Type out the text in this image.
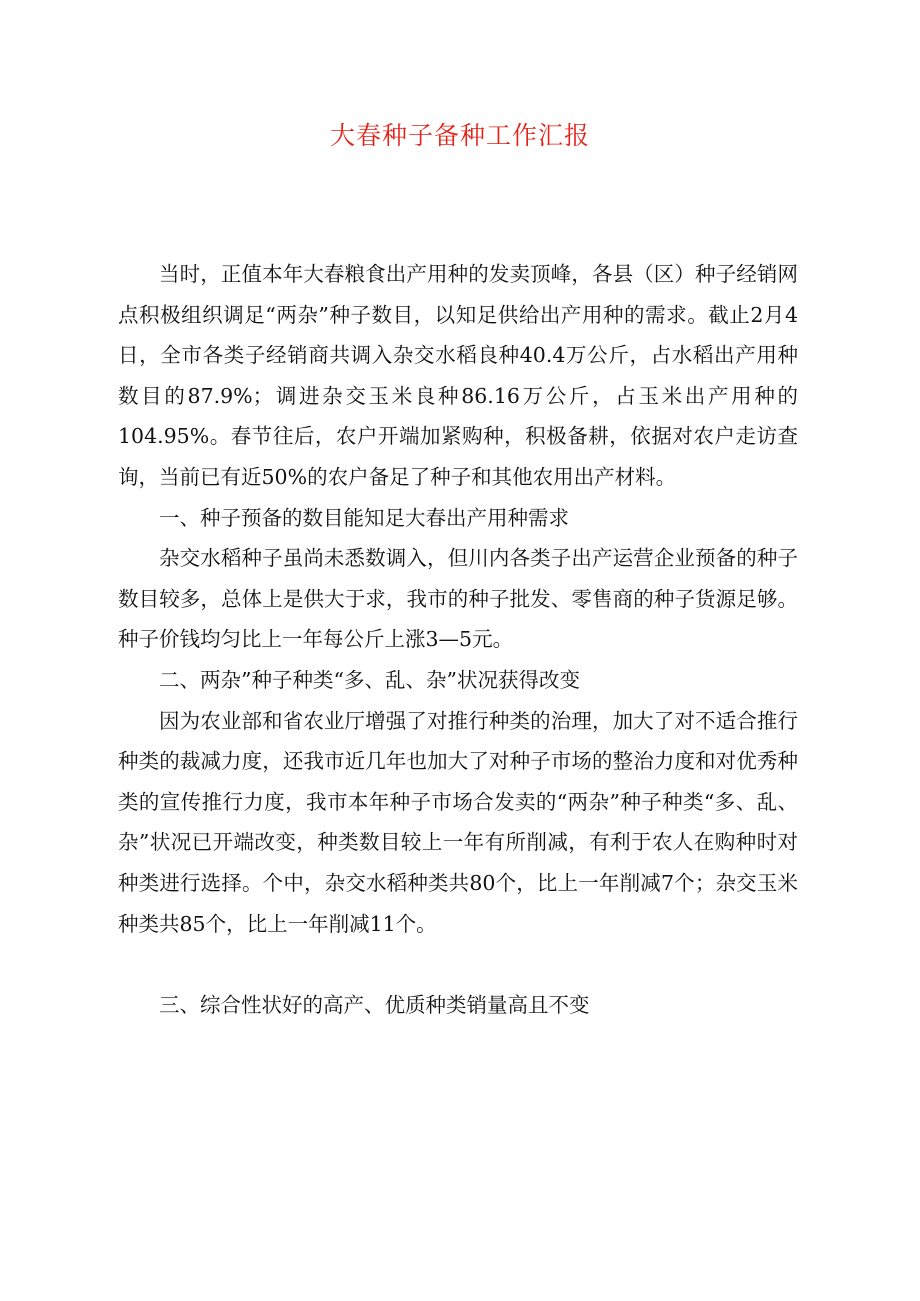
大春种子备种工作汇报

当时，正值本年大春粮食出产用种的发卖顶峰，各县（区）种子经销网点积极组织调足“两杂”种子数目，以知足供给出产用种的需求。截止2月4日，全市各类子经销商共调入杂交水稻良种40.4万公斤，占水稻出产用种数目的87.9%；调进杂交玉米良种86.16万公斤，占玉米出产用种的104.95%。春节往后，农户开端加紧购种，积极备耕，依据对农户走访查询，当前已有近50%的农户备足了种子和其他农用出产材料。

一、种子预备的数目能知足大春出产用种需求

杂交水稻种子虽尚未悉数调入，但川内各类子出产运营企业预备的种子数目较多，总体上是供大于求，我市的种子批发、零售商的种子货源足够。种子价钱均匀比上一年每公斤上涨3—5元。

二、两杂”种子种类“多、乱、杂”状况获得改变

因为农业部和省农业厅增强了对推行种类的治理，加大了对不适合推行种类的裁减力度，还我市近几年也加大了对种子市场的整治力度和对优秀种类的宣传推行力度，我市本年种子市场合发卖的“两杂”种子种类“多、乱、杂”状况已开端改变，种类数目较上一年有所削减，有利于农人在购种时对种类进行选择。个中，杂交水稻种类共80个，比上一年削减7个；杂交玉米种类共85个，比上一年削减11个。

三、综合性状好的高产、优质种类销量高且不变
